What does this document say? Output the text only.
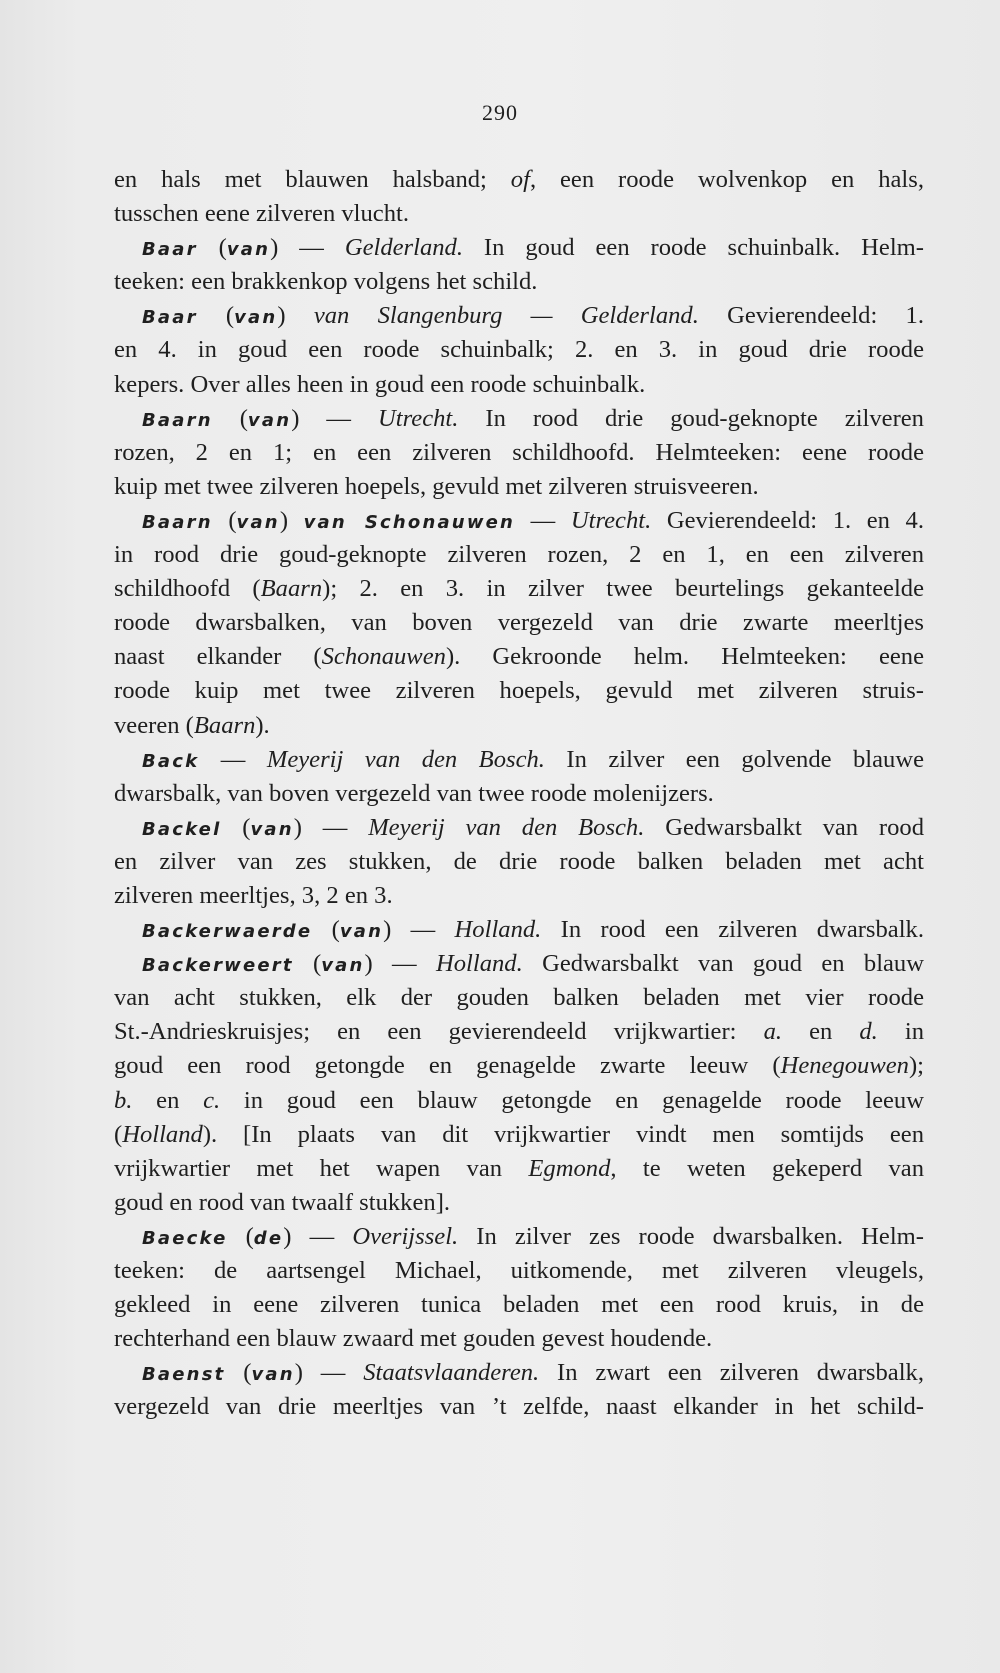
290
en hals met blauwen halsband; of, een roode wolvenkop en hals,
tusschen eene zilveren vlucht.
Baar (van) — Gelderland. In goud een roode schuinbalk. Helm-
teeken: een brakkenkop volgens het schild.
Baar (van) van Slangenburg — Gelderland. Gevierendeeld: 1.
en 4. in goud een roode schuinbalk; 2. en 3. in goud drie roode
kepers. Over alles heen in goud een roode schuinbalk.
Baarn (van) — Utrecht. In rood drie goud-geknopte zilveren
rozen, 2 en 1; en een zilveren schildhoofd. Helmteeken: eene roode
kuip met twee zilveren hoepels, gevuld met zilveren struisveeren.
Baarn (van) van Schonauwen — Utrecht. Gevierendeeld: 1. en 4.
in rood drie goud-geknopte zilveren rozen, 2 en 1, en een zilveren
schildhoofd (Baarn); 2. en 3. in zilver twee beurtelings gekanteelde
roode dwarsbalken, van boven vergezeld van drie zwarte meerltjes
naast elkander (Schonauwen). Gekroonde helm. Helmteeken: eene
roode kuip met twee zilveren hoepels, gevuld met zilveren struis-
veeren (Baarn).
Back — Meyerij van den Bosch. In zilver een golvende blauwe
dwarsbalk, van boven vergezeld van twee roode molenijzers.
Backel (van) — Meyerij van den Bosch. Gedwarsbalkt van rood
en zilver van zes stukken, de drie roode balken beladen met acht
zilveren meerltjes, 3, 2 en 3.
Backerwaerde (van) — Holland. In rood een zilveren dwarsbalk.
Backerweert (van) — Holland. Gedwarsbalkt van goud en blauw
van acht stukken, elk der gouden balken beladen met vier roode
St.-Andrieskruisjes; en een gevierendeeld vrijkwartier: a. en d. in
goud een rood getongde en genagelde zwarte leeuw (Henegouwen);
b. en c. in goud een blauw getongde en genagelde roode leeuw
(Holland). [In plaats van dit vrijkwartier vindt men somtijds een
vrijkwartier met het wapen van Egmond, te weten gekeperd van
goud en rood van twaalf stukken].
Baecke (de) — Overijssel. In zilver zes roode dwarsbalken. Helm-
teeken: de aartsengel Michael, uitkomende, met zilveren vleugels,
gekleed in eene zilveren tunica beladen met een rood kruis, in de
rechterhand een blauw zwaard met gouden gevest houdende.
Baenst (van) — Staatsvlaanderen. In zwart een zilveren dwarsbalk,
vergezeld van drie meerltjes van ’t zelfde, naast elkander in het schild-
